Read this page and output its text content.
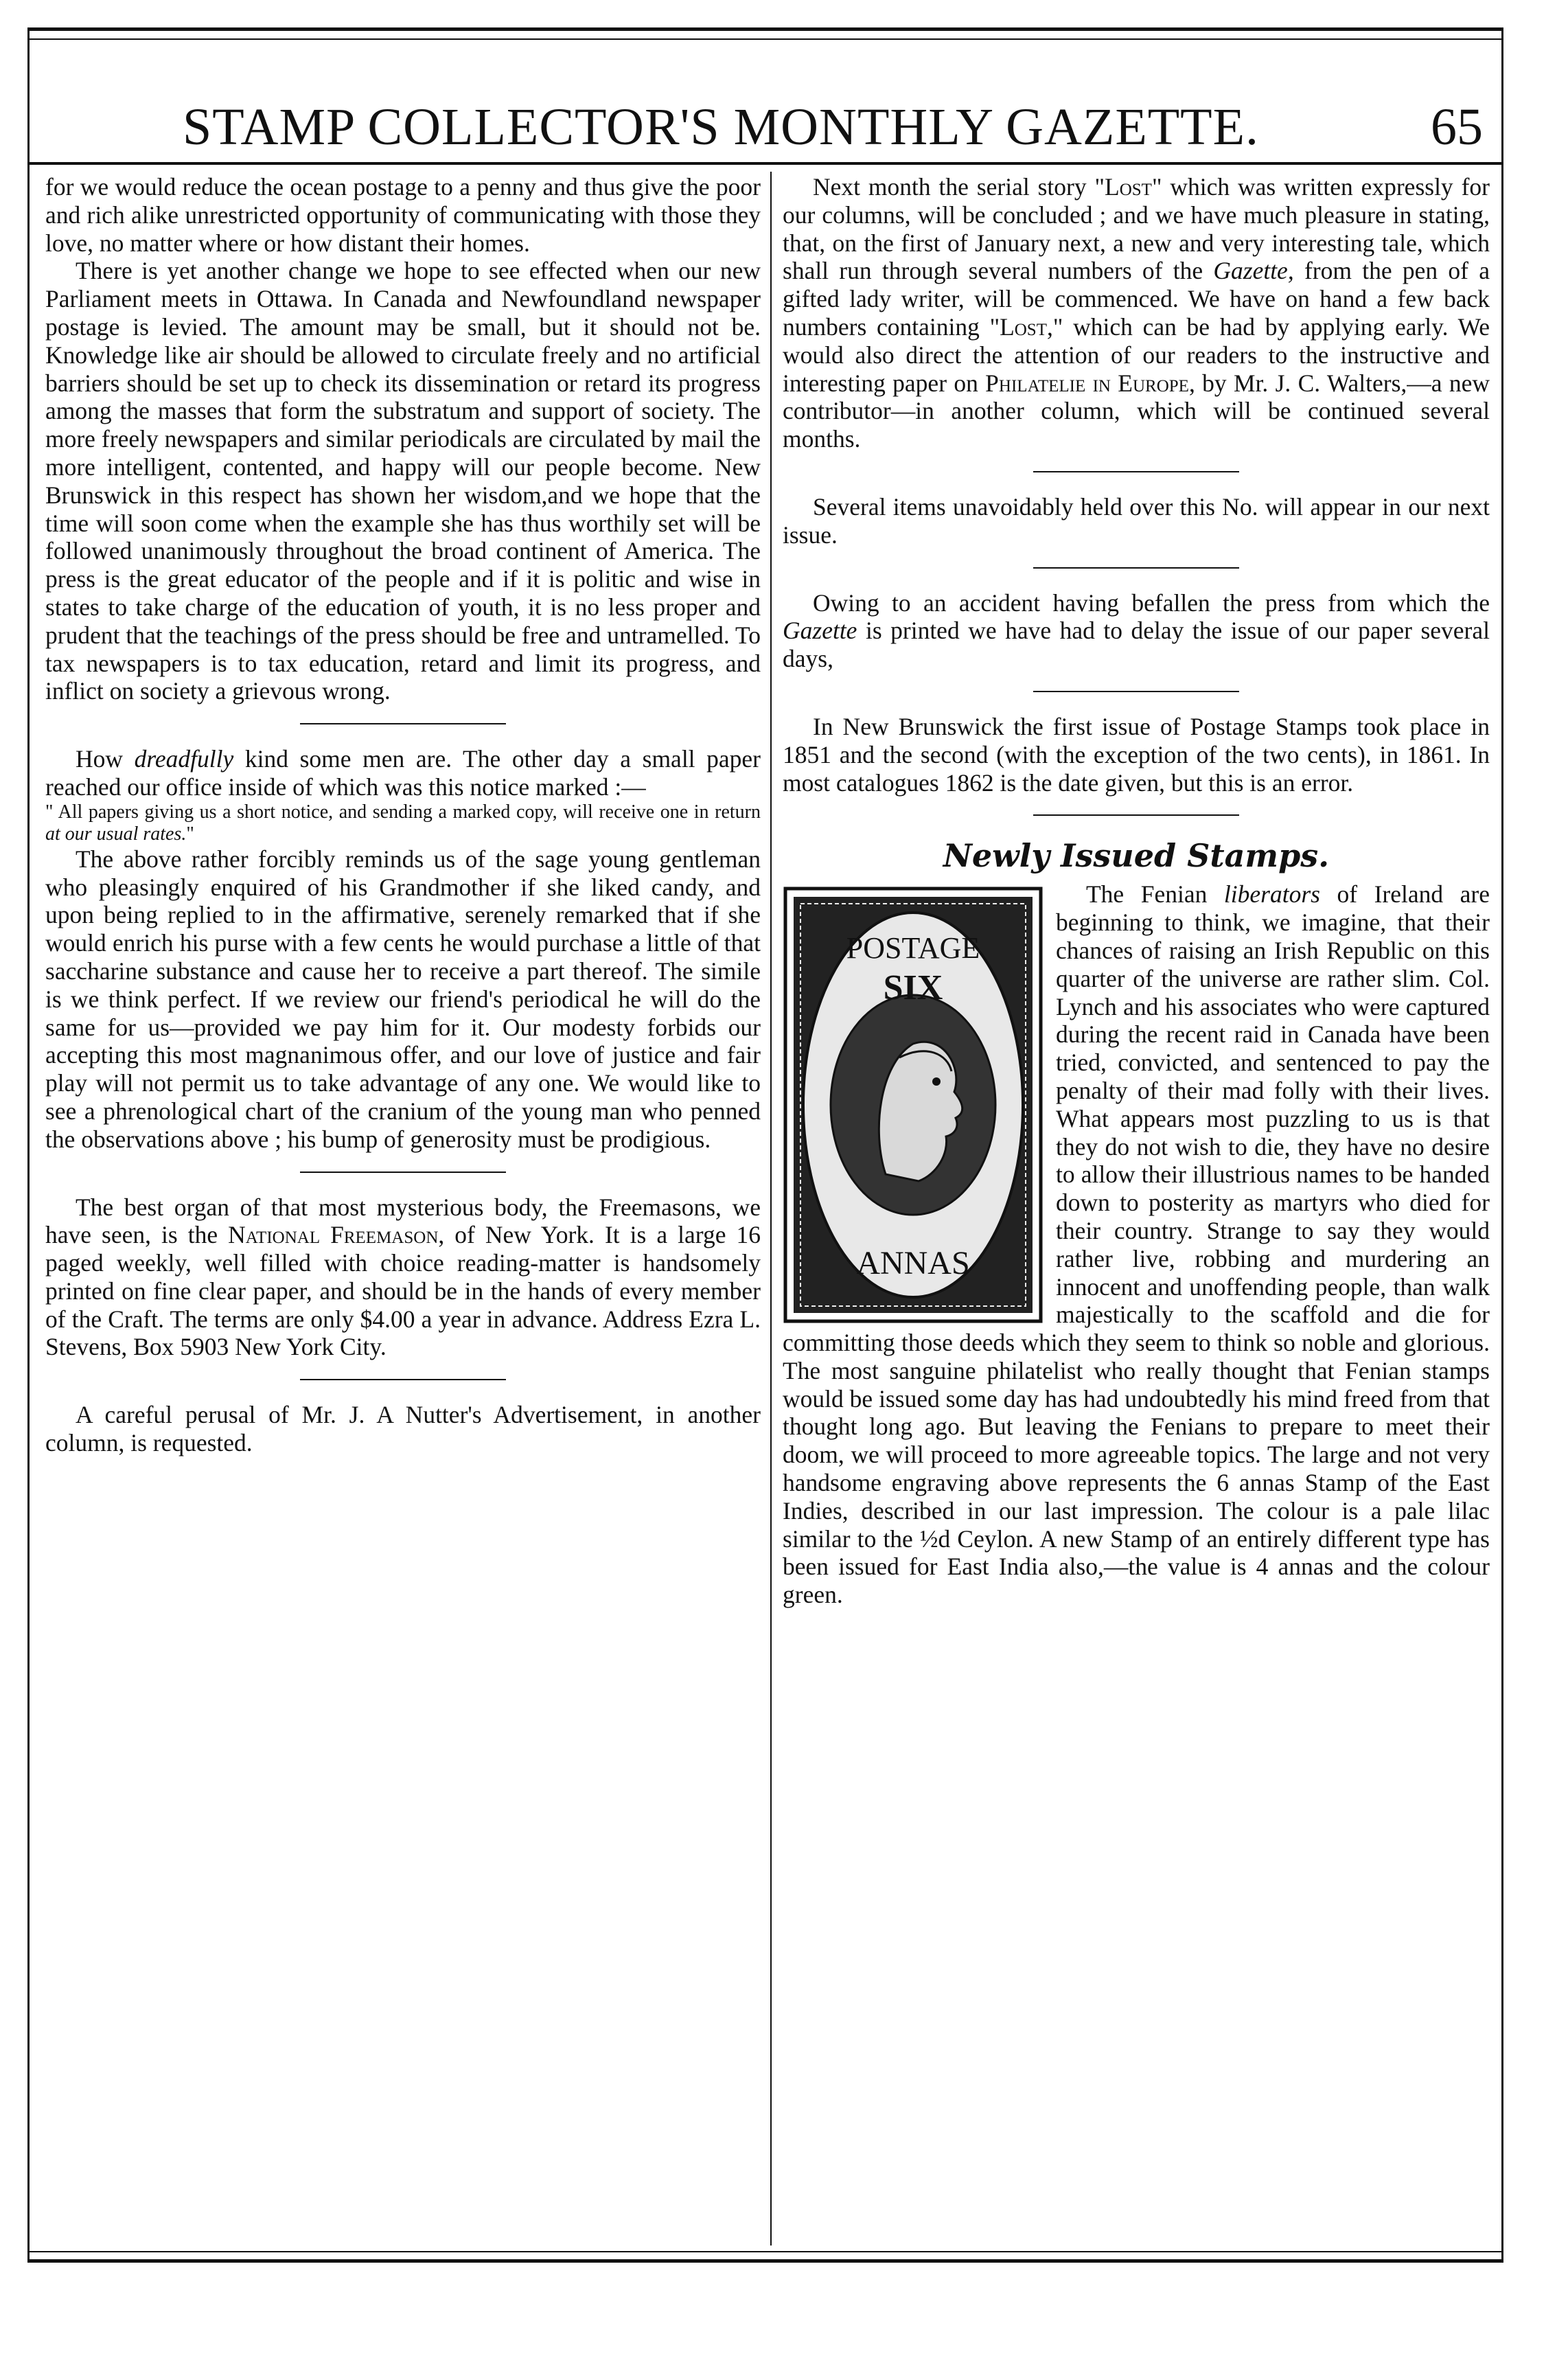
STAMP COLLECTOR'S MONTHLY GAZETTE.	65

for we would reduce the ocean postage to a penny and thus give the poor and rich alike unrestricted opportunity of communicating with those they love, no matter where or how distant their homes.

There is yet another change we hope to see effected when our new Parliament meets in Ottawa. In Canada and Newfoundland newspaper postage is levied. The amount may be small, but it should not be. Knowledge like air should be allowed to circulate freely and no artificial barriers should be set up to check its dissemination or retard its progress among the masses that form the substratum and support of society. The more freely newspapers and similar periodicals are circulated by mail the more intelligent, contented, and happy will our people become. New Brunswick in this respect has shown her wisdom,and we hope that the time will soon come when the example she has thus worthily set will be followed unanimously throughout the broad continent of America. The press is the great educator of the people and if it is politic and wise in states to take charge of the education of youth, it is no less proper and prudent that the teachings of the press should be free and untramelled. To tax newspapers is to tax education, retard and limit its progress, and inflict on society a grievous wrong.

How dreadfully kind some men are. The other day a small paper reached our office inside of which was this notice marked :—

" All papers giving us a short notice, and sending a marked copy, will receive one in return at our usual rates."

The above rather forcibly reminds us of the sage young gentleman who pleasingly enquired of his Grandmother if she liked candy, and upon being replied to in the affirmative, serenely remarked that if she would enrich his purse with a few cents he would purchase a little of that saccharine substance and cause her to receive a part thereof. The simile is we think perfect. If we review our friend's periodical he will do the same for us—provided we pay him for it. Our modesty forbids our accepting this most magnanimous offer, and our love of justice and fair play will not permit us to take advantage of any one. We would like to see a phrenological chart of the cranium of the young man who penned the observations above ; his bump of generosity must be prodigious.

The best organ of that most mysterious body, the Freemasons, we have seen, is the National Freemason, of New York. It is a large 16 paged weekly, well filled with choice reading-matter is handsomely printed on fine clear paper, and should be in the hands of every member of the Craft. The terms are only $4.00 a year in advance. Address Ezra L. Stevens, Box 5903 New York City.

A careful perusal of Mr. J. A Nutter's Advertisement, in another column, is requested.

Next month the serial story "Lost" which was written expressly for our columns, will be concluded ; and we have much pleasure in stating, that, on the first of January next, a new and very interesting tale, which shall run through several numbers of the Gazette, from the pen of a gifted lady writer, will be commenced. We have on hand a few back numbers containing "Lost," which can be had by applying early. We would also direct the attention of our readers to the instructive and interesting paper on Philatelie in Europe, by Mr. J. C. Walters,—a new contributor—in another column, which will be continued several months.

Several items unavoidably held over this No. will appear in our next issue.

Owing to an accident having befallen the press from which the Gazette is printed we have had to delay the issue of our paper several days,

In New Brunswick the first issue of Postage Stamps took place in 1851 and the second (with the exception of the two cents), in 1861. In most catalogues 1862 is the date given, but this is an error.

Newly Issued Stamps.

POSTAGE
SIX
ANNAS
The Fenian liberators of Ireland are beginning to think, we imagine, that their chances of raising an Irish Republic on this quarter of the universe are rather slim. Col. Lynch and his associates who were captured during the recent raid in Canada have been tried, convicted, and sentenced to pay the penalty of their mad folly with their lives. What appears most puzzling to us is that they do not wish to die, they have no desire to allow their illustrious names to be handed down to posterity as martyrs who died for their country. Strange to say they would rather live, robbing and murdering an innocent and unoffending people, than walk majestically to the scaffold and die for committing those deeds which they seem to think so noble and glorious. The most sanguine philatelist who really thought that Fenian stamps would be issued some day has had undoubtedly his mind freed from that thought long ago. But leaving the Fenians to prepare to meet their doom, we will proceed to more agreeable topics. The large and not very handsome engraving above represents the 6 annas Stamp of the East Indies, described in our last impression. The colour is a pale lilac similar to the ½d Ceylon. A new Stamp of an entirely different type has been issued for East India also,—the value is 4 annas and the colour green.
